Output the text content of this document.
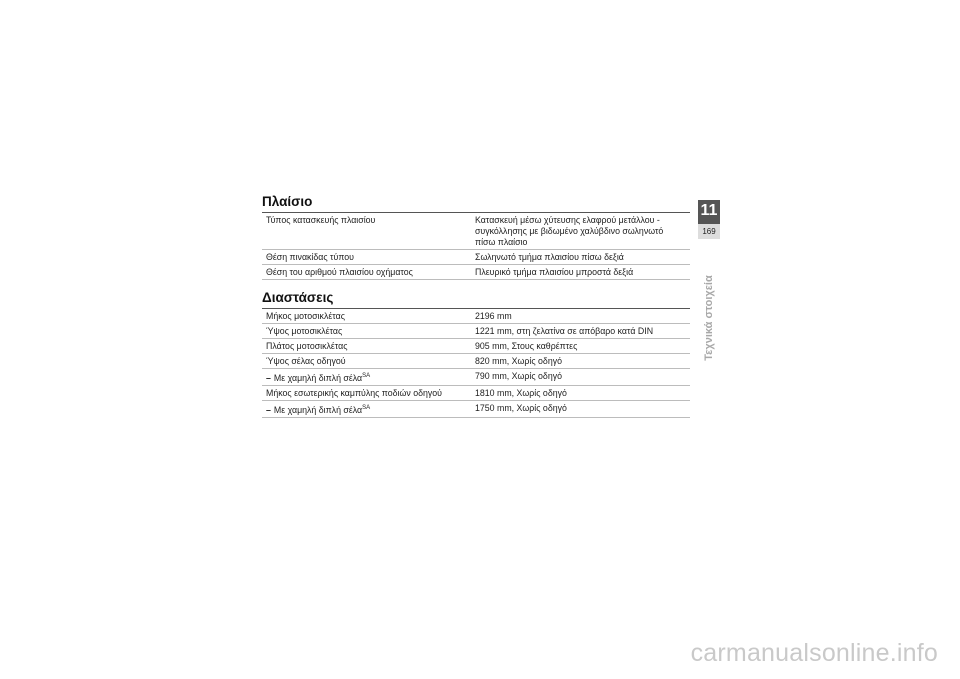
Πλαίσιο
Τύπος κατασκευής πλαισίου	Κατασκευή μέσω χύτευσης ελαφρού μετάλλου - συγκόλλησης με βιδωμένο χαλύβδινο σωληνωτό πίσω πλαίσιο
Θέση πινακίδας τύπου	Σωληνωτό τμήμα πλαισίου πίσω δεξιά
Θέση του αριθμού πλαισίου οχήματος	Πλευρικό τμήμα πλαισίου μπροστά δεξιά
Διαστάσεις
Μήκος μοτοσικλέτας	2196 mm
Ύψος μοτοσικλέτας	1221 mm, στη ζελατίνα σε απόβαρο κατά DIN
Πλάτος μοτοσικλέτας	905 mm, Στους καθρέπτες
Ύψος σέλας οδηγού	820 mm, Χωρίς οδηγό
– Με χαμηλή διπλή σέλα$^{SA}$	790 mm, Χωρίς οδηγό
Μήκος εσωτερικής καμπύλης ποδιών οδηγού	1810 mm, Χωρίς οδηγό
– Με χαμηλή διπλή σέλα$^{SA}$	1750 mm, Χωρίς οδηγό
11
169
Τεχνικά στοιχεία
carmanualsonline.info
